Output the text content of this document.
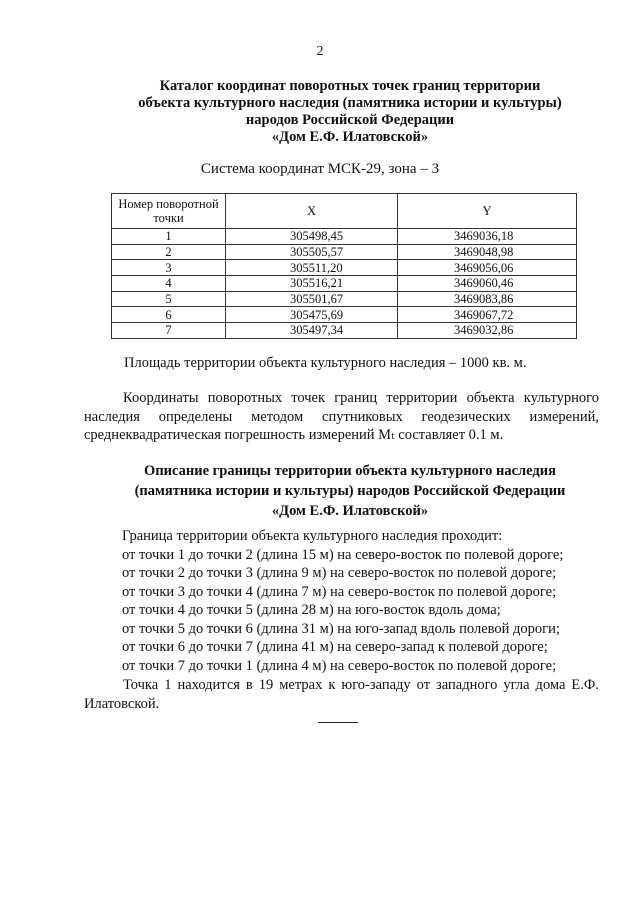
2
Каталог координат поворотных точек границ территории
объекта культурного наследия (памятника истории и культуры)
народов Российской Федерации
«Дом Е.Ф. Илатовской»
Система координат МСК-29, зона – 3
Номер поворотной точки	X	Y
1	305498,45	3469036,18
2	305505,57	3469048,98
3	305511,20	3469056,06
4	305516,21	3469060,46
5	305501,67	3469083,86
6	305475,69	3469067,72
7	305497,34	3469032,86
Площадь территории объекта культурного наследия – 1000 кв. м.
Координаты поворотных точек границ территории объекта культурного наследия определены методом спутниковых геодезических измерений, среднеквадратическая погрешность измерений Mₜ составляет 0.1 м.
Описание границы территории объекта культурного наследия
(памятника истории и культуры) народов Российской Федерации
«Дом Е.Ф. Илатовской»
Граница территории объекта культурного наследия проходит:
от точки 1 до точки 2 (длина 15 м) на северо-восток по полевой дороге;
от точки 2 до точки 3 (длина 9 м) на северо-восток по полевой дороге;
от точки 3 до точки 4 (длина 7 м) на северо-восток по полевой дороге;
от точки 4 до точки 5 (длина 28 м) на юго-восток вдоль дома;
от точки 5 до точки 6 (длина 31 м) на юго-запад вдоль полевой дороги;
от точки 6 до точки 7 (длина 41 м) на северо-запад к полевой дороге;
от точки 7 до точки 1 (длина 4 м) на северо-восток по полевой дороге;
Точка 1 находится в 19 метрах к юго-западу от западного угла дома Е.Ф. Илатовской.
